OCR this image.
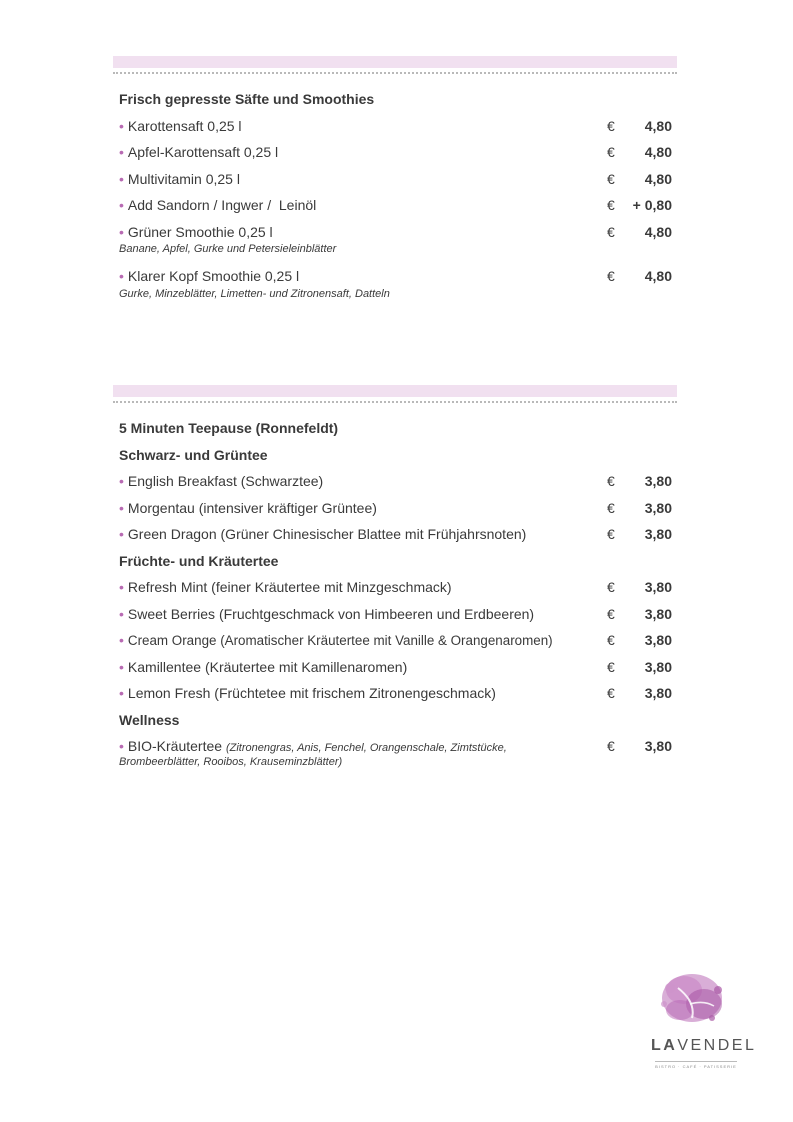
Frisch gepresste Säfte und Smoothies
• Karottensaft 0,25 l	€ 4,80
• Apfel-Karottensaft 0,25 l	€ 4,80
• Multivitamin 0,25 l	€ 4,80
• Add Sandorn / Ingwer /  Leinöl	€ + 0,80
• Grüner Smoothie 0,25 l	€ 4,80
Banane, Apfel, Gurke und Petersieleinblätter
• Klarer Kopf Smoothie 0,25 l	€ 4,80
Gurke, Minzeblätter, Limetten- und Zitronensaft, Datteln
5 Minuten Teepause (Ronnefeldt)
Schwarz- und Grüntee
• English Breakfast (Schwarztee)	€ 3,80
• Morgentau (intensiver kräftiger Grüntee)	€ 3,80
• Green Dragon (Grüner Chinesischer Blattee mit Frühjahrsnoten)	€ 3,80
Früchte- und Kräutertee
• Refresh Mint (feiner Kräutertee mit Minzgeschmack)	€ 3,80
• Sweet Berries (Fruchtgeschmack von Himbeeren und Erdbeeren)	€ 3,80
• Cream Orange (Aromatischer Kräutertee mit Vanille & Orangenaromen)	€ 3,80
• Kamillentee (Kräutertee mit Kamillenaromen)	€ 3,80
• Lemon Fresh (Früchtetee mit frischem Zitronengeschmack)	€ 3,80
Wellness
• BIO-Kräutertee (Zitronengras, Anis, Fenchel, Orangenschale, Zimtstücke,	€ 3,80
Brombeerblätter, Rooibos, Krauseminzblätter)
LAVENDEL
BISTRO · CAFÉ · PATISSERIE
